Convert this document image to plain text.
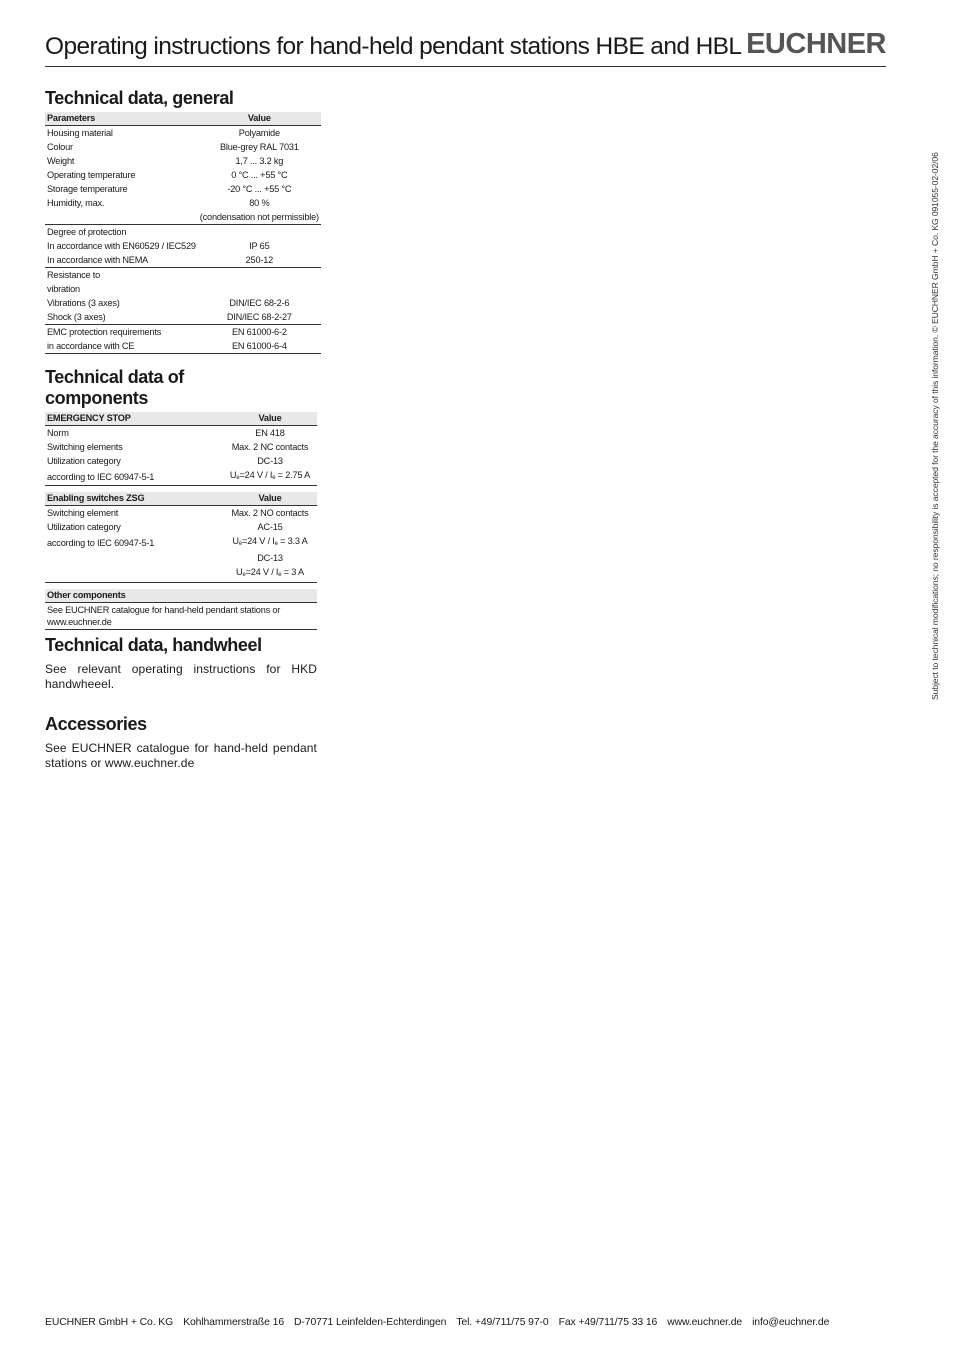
Operating instructions for hand-held pendant stations HBE and HBL EUCHNER
Technical data, general
Parameters	Value
Housing material	Polyamide
Colour	Blue-grey RAL 7031
Weight	1,7 ... 3.2 kg
Operating temperature	0 °C ... +55 °C
Storage temperature	-20 °C ... +55 °C
Humidity, max.	80 %
	(condensation not permissible)
Degree of protection	
In accordance with EN60529 / IEC529	IP 65
In accordance with NEMA	250-12
Resistance to	
vibration	
Vibrations (3 axes)	DIN/IEC 68-2-6
Shock (3 axes)	DIN/IEC 68-2-27
EMC protection requirements	EN 61000-6-2
in accordance with CE	EN 61000-6-4
Technical data of
components
EMERGENCY STOP	Value
Norm	EN 418
Switching elements	Max. 2 NC contacts
Utilization category	DC-13
according to IEC 60947-5-1	$U_e=24$ $V / I_e = 2.75$ A
Enabling switches ZSG	Value
Switching element	Max. 2 NO contacts
Utilization category	AC-15
according to IEC 60947-5-1	$U_e=24$ $V / I_e = 3.3$ A
	DC-13
	$U_e=24$ $V / I_e = 3$ A
Other components
See EUCHNER catalogue for hand-held pendant stations or www.euchner.de
Technical data, handwheel

See relevant operating instructions for HKD handwheeel.

Accessories

See EUCHNER catalogue for hand-held pendant stations or www.euchner.de

Subject to technical modifications; no responsibility is accepted for the accuracy of this information. © EUCHNER GmbH + Co. KG 091055-02-02/06
EUCHNER GmbH + Co. KG Kohlhammerstraße 16 D-70771 Leinfelden-Echterdingen Tel. +49/711/75 97-0 Fax +49/711/75 33 16 www.euchner.de info@euchner.de
